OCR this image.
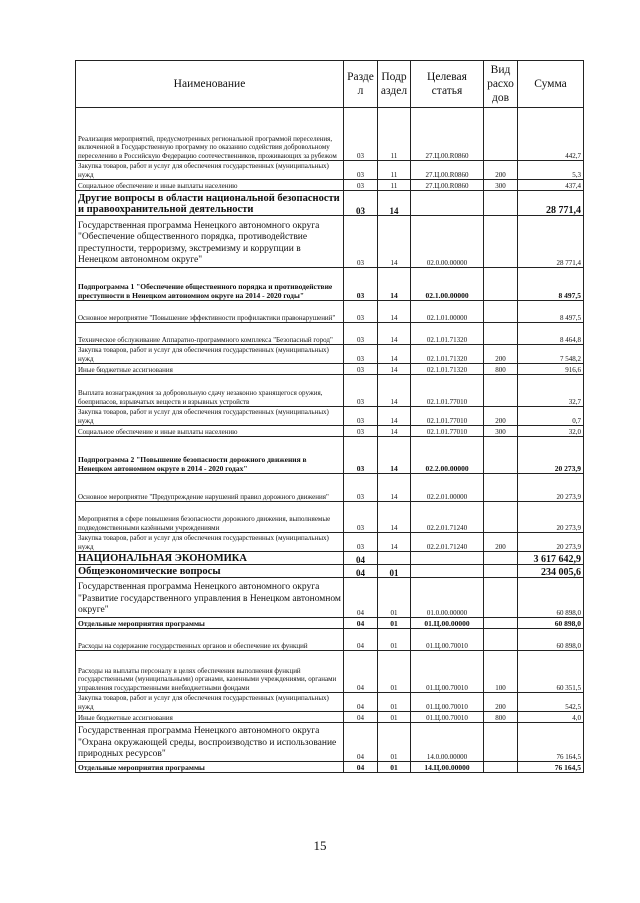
Наименование	Разде л	Подр аздел	Целевая статья	Вид расхо дов	Сумма
Реализация мероприятий, предусмотренных региональной программой переселения, включенной в Государственную программу по оказанию содействия добровольному переселению в Российскую Федерацию соотечественников, проживающих за рубежом	03	11	27.Ц.00.R0860		442,7
Закупка товаров, работ и услуг для обеспечения государственных (муниципальных) нужд	03	11	27.Ц.00.R0860	200	5,3
Социальное обеспечение и иные выплаты населению	03	11	27.Ц.00.R0860	300	437,4
Другие вопросы в области национальной безопасности и правоохранительной деятельности	03	14			28 771,4
Государственная программа Ненецкого автономного округа "Обеспечение общественного порядка, противодействие преступности, терроризму, экстремизму и коррупции в Ненецком автономном округе"	03	14	02.0.00.00000		28 771,4
Подпрограмма 1 "Обеспечение общественного порядка и противодействие преступности в Ненецком автономном округе на 2014 - 2020 годы"	03	14	02.1.00.00000		8 497,5
Основное мероприятие "Повышение эффективности профилактики правонарушений"	03	14	02.1.01.00000		8 497,5
Техническое обслуживание Аппаратно-программного комплекса "Безопасный город"	03	14	02.1.01.71320		8 464,8
Закупка товаров, работ и услуг для обеспечения государственных (муниципальных) нужд	03	14	02.1.01.71320	200	7 548,2
Иные бюджетные ассигнования	03	14	02.1.01.71320	800	916,6
Выплата вознаграждения за добровольную сдачу незаконно хранящегося оружия, боеприпасов, взрывчатых веществ и взрывных устройств	03	14	02.1.01.77010		32,7
Закупка товаров, работ и услуг для обеспечения государственных (муниципальных) нужд	03	14	02.1.01.77010	200	0,7
Социальное обеспечение и иные выплаты населению	03	14	02.1.01.77010	300	32,0
Подпрограмма 2 "Повышение безопасности дорожного движения в Ненецком автономном округе в 2014 - 2020 годах"	03	14	02.2.00.00000		20 273,9
Основное мероприятие "Предупреждение нарушений правил дорожного движения"	03	14	02.2.01.00000		20 273,9
Мероприятия в сфере повышения безопасности дорожного движения, выполняемые подведомственными казёнными учреждениями	03	14	02.2.01.71240		20 273,9
Закупка товаров, работ и услуг для обеспечения государственных (муниципальных) нужд	03	14	02.2.01.71240	200	20 273,9
НАЦИОНАЛЬНАЯ ЭКОНОМИКА	04				3 617 642,9
Общеэкономические вопросы	04	01			234 005,6
Государственная программа Ненецкого автономного округа "Развитие государственного управления в Ненецком автономном округе"	04	01	01.0.00.00000		60 898,0
Отдельные мероприятия программы	04	01	01.Ц.00.00000		60 898,0
Расходы на содержание государственных органов и обеспечение их функций	04	01	01.Ц.00.70010		60 898,0
Расходы на выплаты персоналу в целях обеспечения выполнения функций государственными (муниципальными) органами, казенными учреждениями, органами управления государственными внебюджетными фондами	04	01	01.Ц.00.70010	100	60 351,5
Закупка товаров, работ и услуг для обеспечения государственных (муниципальных) нужд	04	01	01.Ц.00.70010	200	542,5
Иные бюджетные ассигнования	04	01	01.Ц.00.70010	800	4,0
Государственная программа Ненецкого автономного округа "Охрана окружающей среды, воспроизводство и использование природных ресурсов"	04	01	14.0.00.00000		76 164,5
Отдельные мероприятия программы	04	01	14.Ц.00.00000		76 164,5
15
